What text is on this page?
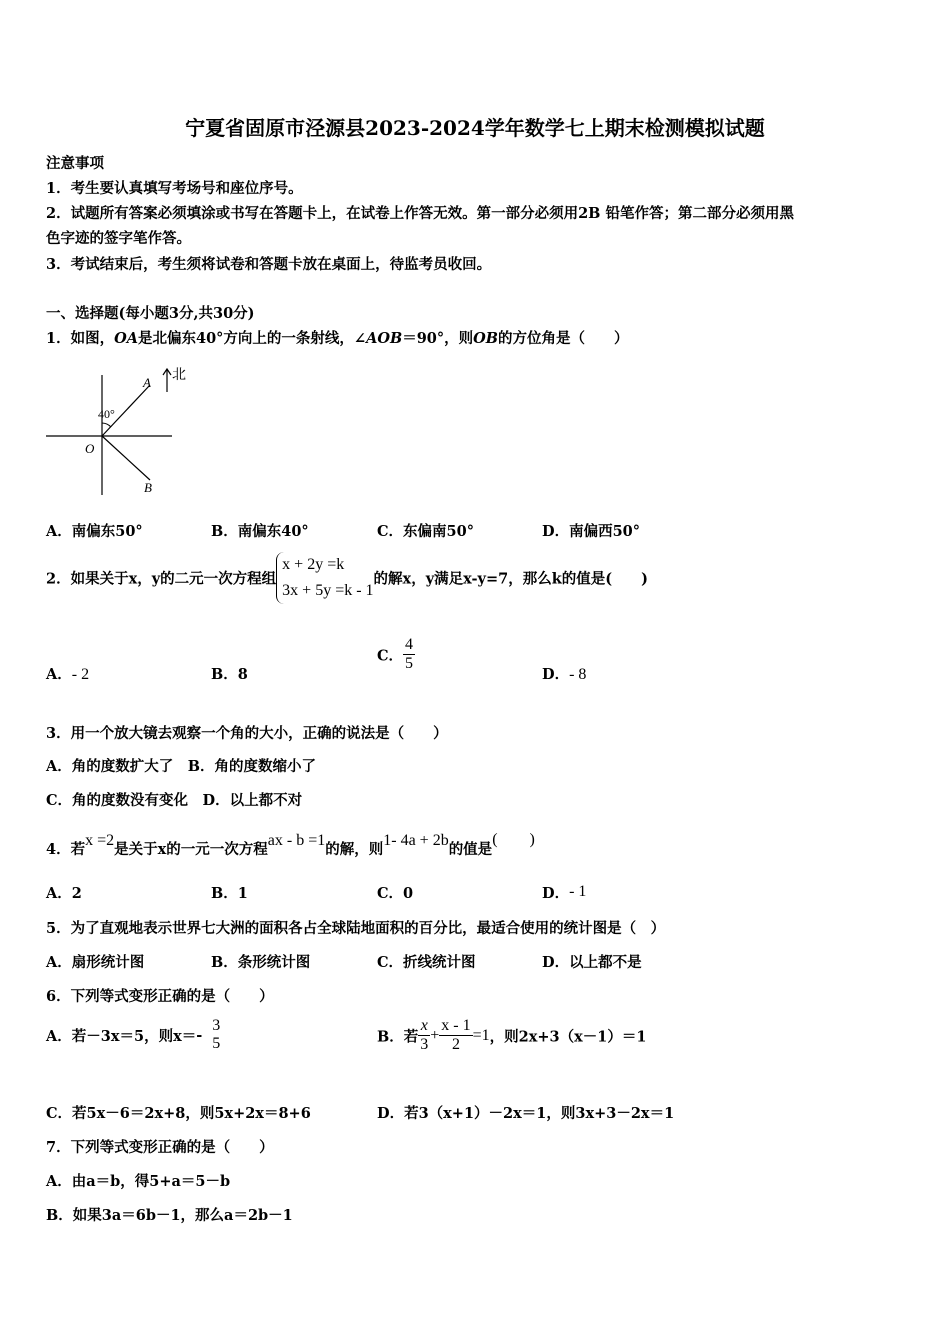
宁夏省固原市泾源县2023-2024学年数学七上期末检测模拟试题
注意事项
1．考生要认真填写考场号和座位序号。
2．试题所有答案必须填涂或书写在答题卡上，在试卷上作答无效。第一部分必须用2B 铅笔作答；第二部分必须用黑
色字迹的签字笔作答。
3．考试结束后，考生须将试卷和答题卡放在桌面上，待监考员收回。
一、选择题(每小题3分,共30分)
1．如图，OA是北偏东40°方向上的一条射线，∠AOB＝90°，则OB的方位角是（　　）
北
A
B
O
40°
A．南偏东50°	B．南偏东40°	C．东偏南50°	D．南偏西50°
2．如果关于x，y的二元一次方程组
x + 2y =k
3x + 5y =k - 1
的解x，y满足x-y=7，那么k的值是(　　)
A．- 2	B．8
C． $\frac{4}{5}$
D．- 8
3．用一个放大镜去观察一个角的大小，正确的说法是（　　）
A．角的度数扩大了　B．角的度数缩小了
C．角的度数没有变化　D．以上都不对
4．若x =2是关于x的一元一次方程ax - b =1的解，则1- 4a + 2b的值是(　　)
A．2	B．1	C．0	D．- 1
5．为了直观地表示世界七大洲的面积各占全球陆地面积的百分比，最适合使用的统计图是（　）
A．扇形统计图	B．条形统计图	C．折线统计图	D．以上都不是
6．下列等式变形正确的是（　　）
A．若－3x＝5，则x＝-
3
5	B．若 $\frac{x}{3} + \frac{x - 1}{2} =1$，则2x+3（x－1）＝1
C．若5x－6＝2x+8，则5x+2x＝8+6	D．若3（x+1）－2x＝1，则3x+3－2x＝1
7．下列等式变形正确的是（　　）
A．由a＝b，得5+a＝5－b
B．如果3a＝6b－1，那么a＝2b－1
